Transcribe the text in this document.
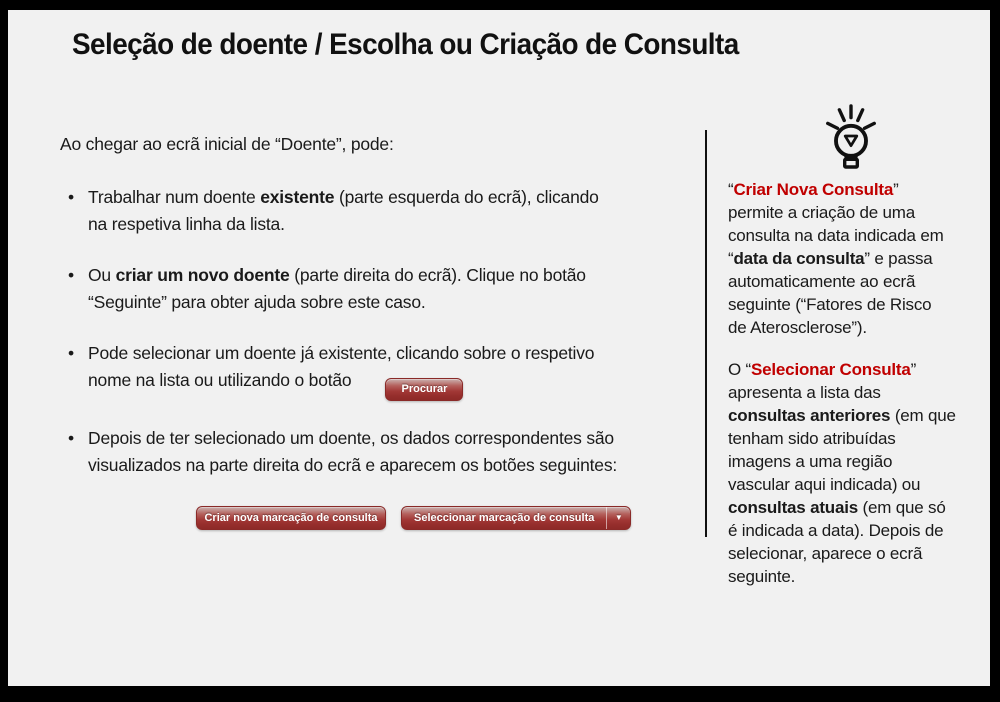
Seleção de doente / Escolha ou Criação de Consulta

Ao chegar ao ecrã inicial de “Doente”, pode:

• Trabalhar num doente existente (parte esquerda do ecrã), clicando
na respetiva linha da lista.
• Ou criar um novo doente (parte direita do ecrã). Clique no botão
“Seguinte” para obter ajuda sobre este caso.
• Pode selecionar um doente já existente, clicando sobre o respetivo
nome na lista ou utilizando o botão	Procurar
• Depois de ter selecionado um doente, os dados correspondentes são
visualizados na parte direita do ecrã e aparecem os botões seguintes:
Criar nova marcação de consulta	Seleccionar marcação de consulta	▼

“Criar Nova Consulta”
permite a criação de uma
consulta na data indicada em
“data da consulta” e passa
automaticamente ao ecrã
seguinte (“Fatores de Risco
de Aterosclerose”).

O “Selecionar Consulta”
apresenta a lista das
consultas anteriores (em que
tenham sido atribuídas
imagens a uma região
vascular aqui indicada) ou
consultas atuais (em que só
é indicada a data). Depois de
selecionar, aparece o ecrã
seguinte.
